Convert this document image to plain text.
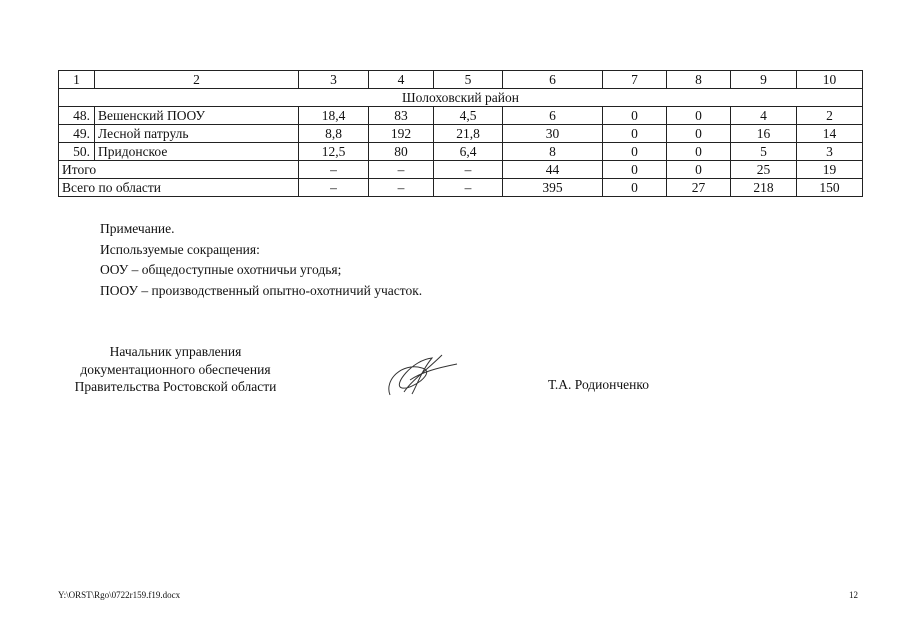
1	2	3	4	5	6	7	8	9	10
Шолоховский район									
48.	Вешенский ПООУ	18,4	83	4,5	6	0	0	4	2
49.	Лесной патруль	8,8	192	21,8	30	0	0	16	14
50.	Придонское	12,5	80	6,4	8	0	0	5	3
Итого		–	–	–	44	0	0	25	19
Всего по области		–	–	–	395	0	27	218	150
Примечание.
Используемые сокращения:
ООУ – общедоступные охотничьи угодья;
ПООУ – производственный опытно-охотничий участок.
Начальник управления
документационного обеспечения
Правительства Ростовской области	Т.А. Родионченко
Y:\ORST\Rgo\0722r159.f19.docx	12
